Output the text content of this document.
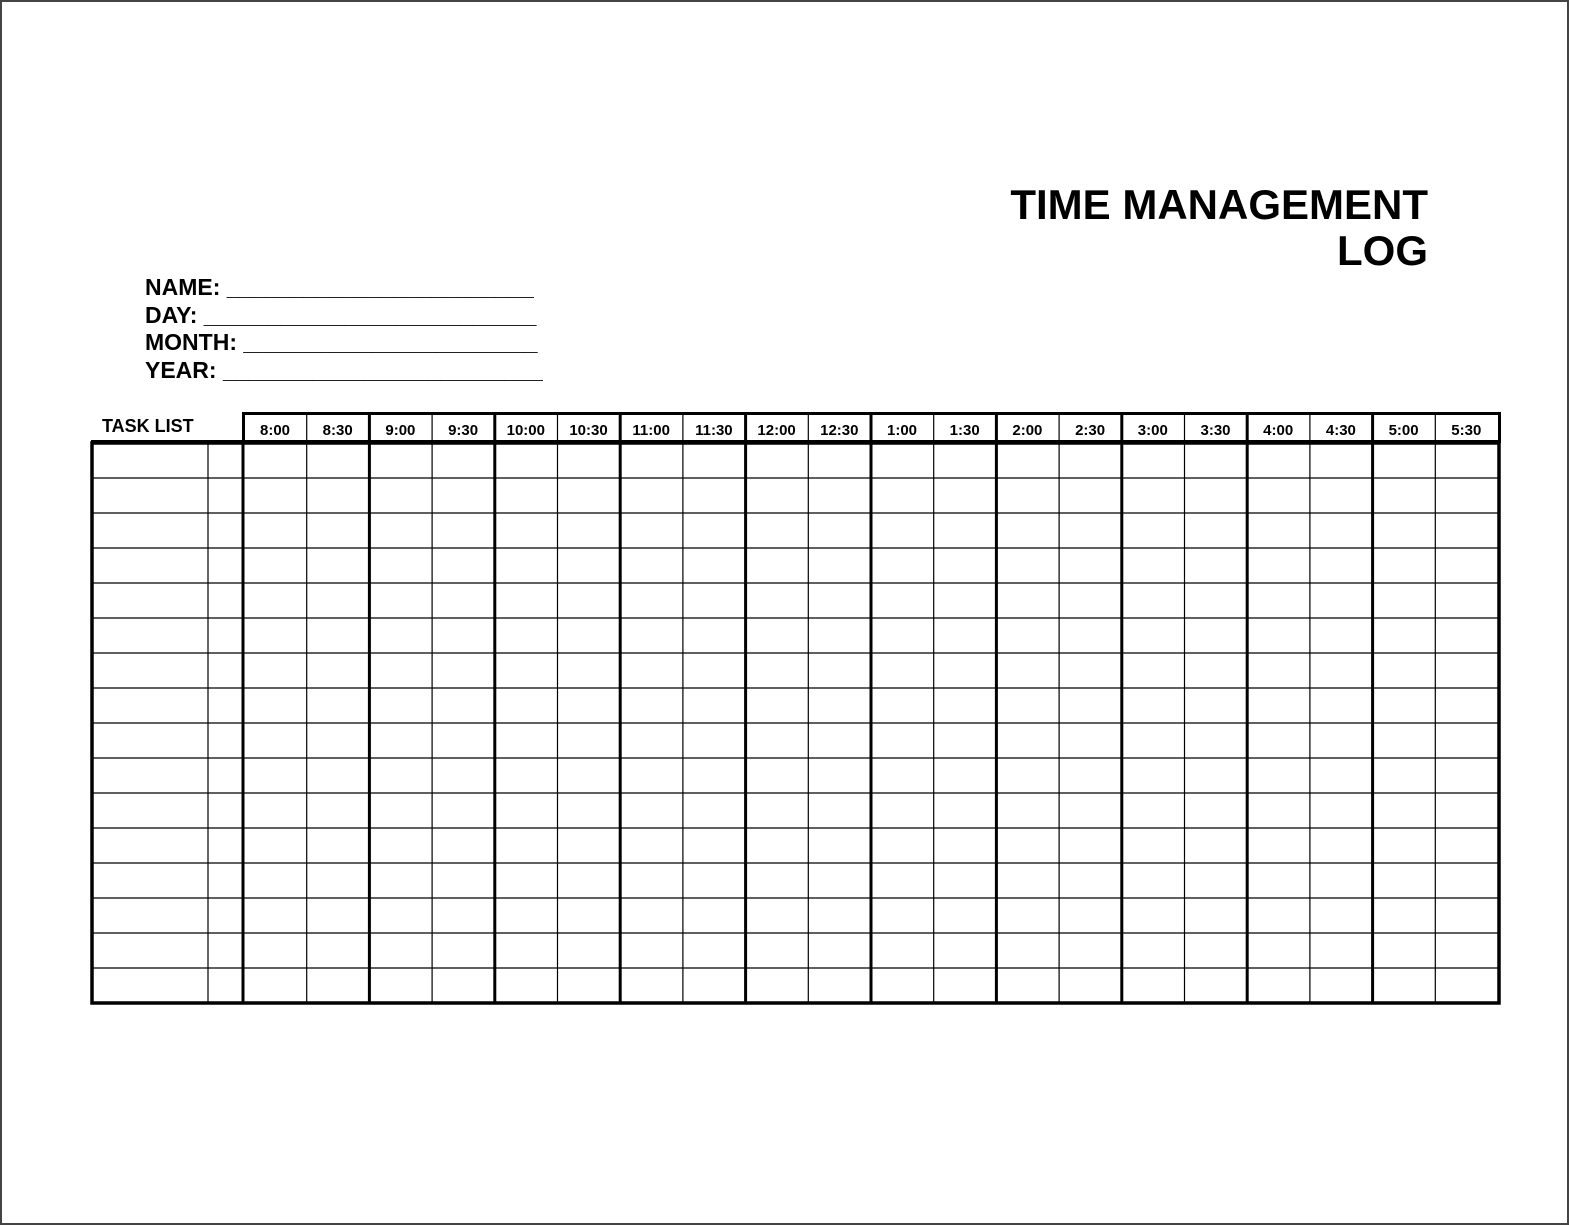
TIME MANAGEMENT
LOG
NAME: ________________________
DAY: __________________________
MONTH: _______________________
YEAR: _________________________
TASK LIST	8:00	8:30	9:00	9:30	10:00	10:30	11:00	11:30	12:00	12:30	1:00	1:30	2:00	2:30	3:00	3:30	4:00	4:30	5:00	5:30
